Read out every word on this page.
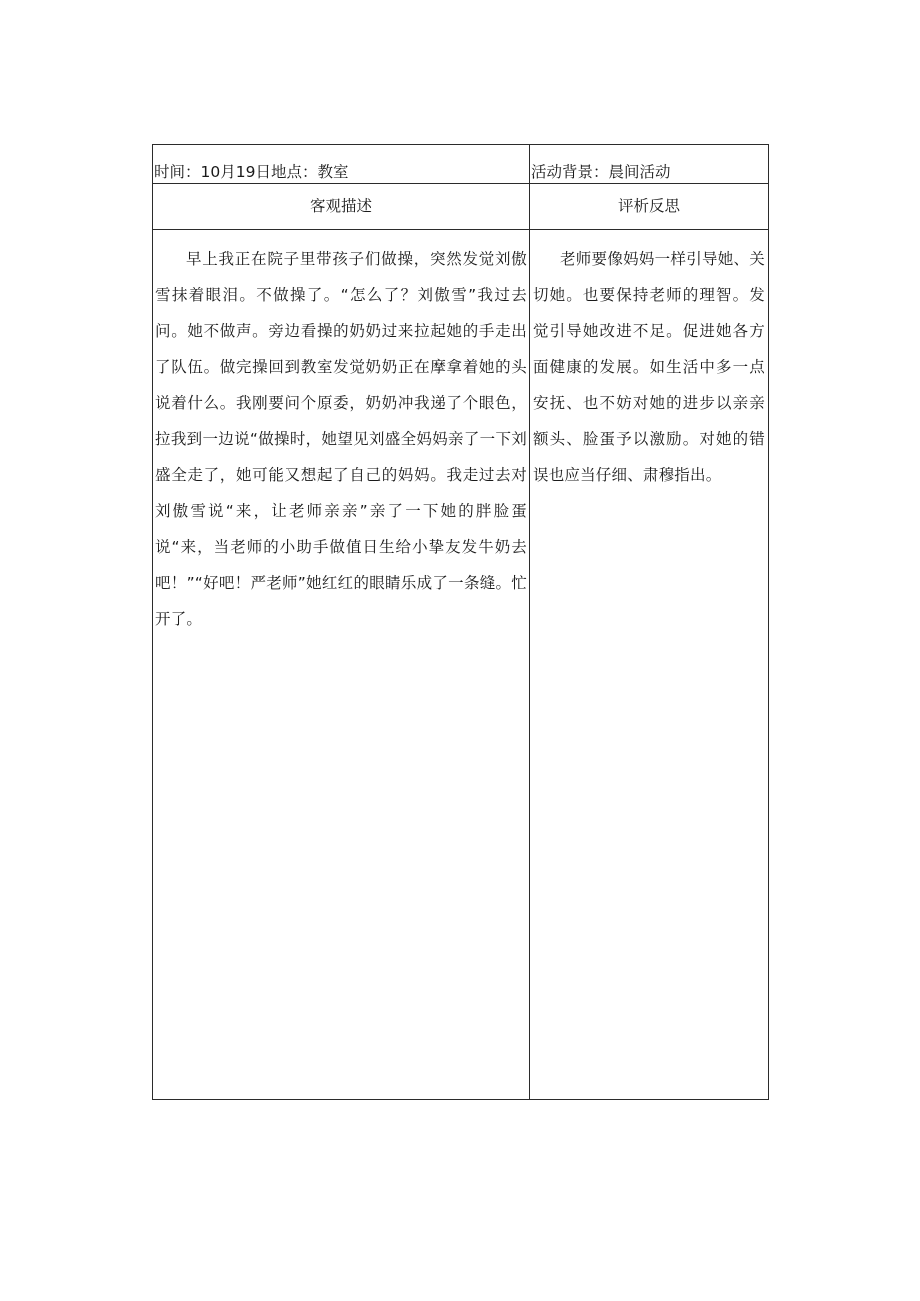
时间：10月19日地点：教室	活动背景：晨间活动

客观描述	评析反思

早上我正在院子里带孩子们做操，突然发觉刘傲雪抹着眼泪。不做操了。“怎么了？刘傲雪”我过去问。她不做声。旁边看操的奶奶过来拉起她的手走出了队伍。做完操回到教室发觉奶奶正在摩拿着她的头说着什么。我刚要问个原委，奶奶冲我递了个眼色，拉我到一边说“做操时，她望见刘盛全妈妈亲了一下刘盛全走了，她可能又想起了自己的妈妈。我走过去对刘傲雪说“来，让老师亲亲”亲了一下她的胖脸蛋说“来，当老师的小助手做值日生给小挚友发牛奶去吧！”“好吧！严老师”她红红的眼睛乐成了一条缝。忙开了。	老师要像妈妈一样引导她、关切她。也要保持老师的理智。发觉引导她改进不足。促进她各方面健康的发展。如生活中多一点安抚、也不妨对她的进步以亲亲额头、脸蛋予以激励。对她的错误也应当仔细、肃穆指出。
